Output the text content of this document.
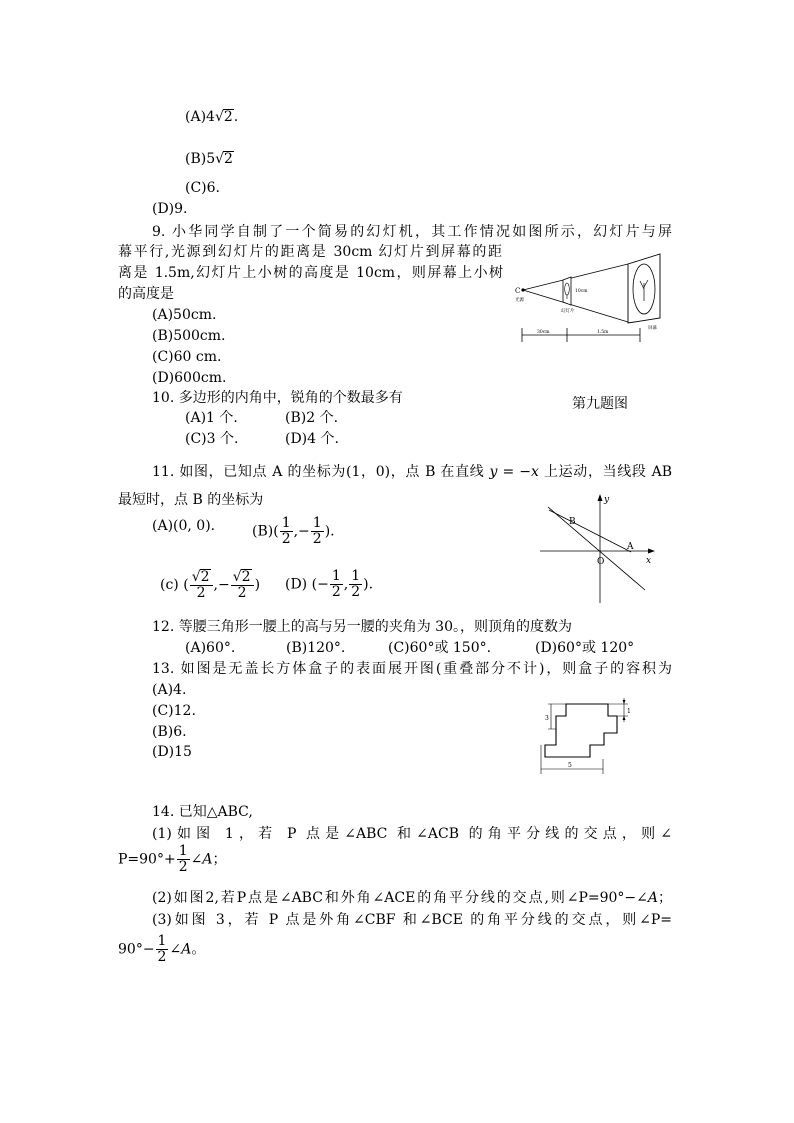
(A)4√2.
(B)5√2
(C)6.
(D)9.
9. 小华同学自制了一个简易的幻灯机，其工作情况如图所示，幻灯片与屏
幕平行,光源到幻灯片的距离是 30cm 幻灯片到屏幕的距
离是 1.5m,幻灯片上小树的高度是 10cm，则屏幕上小树
的高度是
(A)50cm.
(B)500cm.
(C)60 cm.
(D)600cm.
C
光源
10cm
幻灯片
屏幕
30cm	1.5m
10. 多边形的内角中，锐角的个数最多有	第九题图
(A)1 个.	(B)2 个.
(C)3 个.	(D)4 个.
11. 如图，已知点 A 的坐标为(1，0)，点 B 在直线 y = −x 上运动，当线段 AB
最短时，点 B 的坐标为
(A)(0, 0).	$(B)( \frac{1}{2}$ ,− $\frac{1}{2}$ ).
(c) ( $\frac{√2}{2}$ ,− $\frac{√2}{2}$ ) (D) (− $\frac{1}{2}$ , $\frac{1}{2}$ ).
y
x
O
A
B
12. 等腰三角形一腰上的高与另一腰的夹角为 30。，则顶角的度数为
(A)60°.	(B)120°.	(C)60°或 150°.	(D)60°或 120°
13. 如图是无盖长方体盒子的表面展开图(重叠部分不计)，则盒子的容积为
(A)4.
(C)12.
(B)6.
(D)15
3
1
5
14. 已知△ABC,
(1)如图 1，若 P 点是∠ABC 和∠ACB 的角平分线的交点，则∠
$P=90^\circ+ \frac{1}{2}$ ∠A；
(2)如图2,若P点是∠ABC和外角∠ACE的角平分线的交点,则∠P=90°−∠A；
(3)如图 3，若 P 点是外角∠CBF 和∠BCE 的角平分线的交点，则∠P=
$90^\circ- \frac{1}{2}$ ∠A。
